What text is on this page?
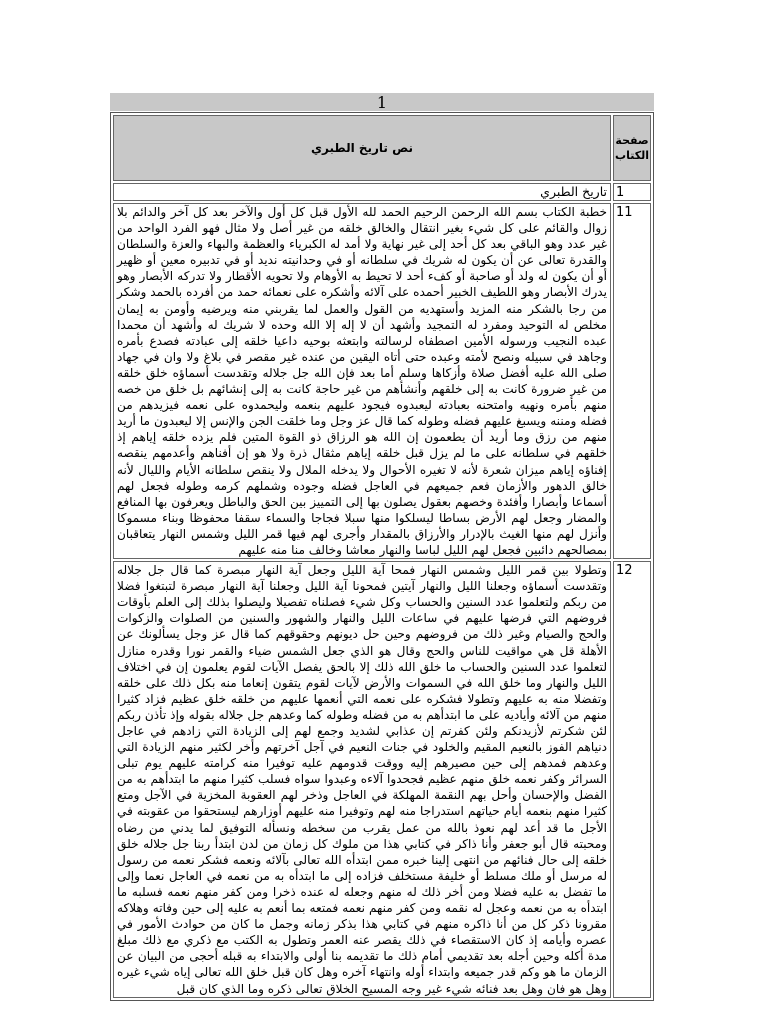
1
صفحة الكتاب	نص تاريخ الطبري
1	تاريخ الطبري
11	خطبة الكتاب بسم الله الرحمن الرحيم الحمد لله الأول قبل كل أول والآخر بعد كل آخر والدائم بلا زوال والقائم على كل شيء بغير انتقال والخالق خلقه من غير أصل ولا مثال فهو الفرد الواحد من غير عدد وهو الباقي بعد كل أحد إلى غير نهاية ولا أمد له الكبرياء والعظمة والبهاء والعزة والسلطان والقدرة تعالى عن أن يكون له شريك في سلطانه أو في وحدانيته نديد أو في تدبيره معين أو ظهير أو أن يكون له ولد أو صاحبة أو كفء أحد لا تحيط به الأوهام ولا تحويه الأقطار ولا تدركه الأبصار وهو يدرك الأبصار وهو اللطيف الخبير أحمده على آلائه وأشكره على نعمائه حمد من أفرده بالحمد وشكر من رجا بالشكر منه المزيد وأستهديه من القول والعمل لما يقربني منه ويرضيه وأومن به إيمان مخلص له التوحيد ومفرد له التمجيد وأشهد أن لا إله إلا الله وحده لا شريك له وأشهد أن محمدا عبده النجيب ورسوله الأمين اصطفاه لرسالته وابتعثه بوحيه داعيا خلقه إلى عبادته فصدع بأمره وجاهد في سبيله ونصح لأمته وعبده حتى أتاه اليقين من عنده غير مقصر في بلاغ ولا وان في جهاد صلى الله عليه أفضل صلاة وأزكاها وسلم أما بعد فإن الله جل جلاله وتقدست أسماؤه خلق خلقه من غير ضرورة كانت به إلى خلقهم وأنشأهم من غير حاجة كانت به إلى إنشائهم بل خلق من خصه منهم بأمره ونهيه وامتحنه بعبادته ليعبدوه فيجود عليهم بنعمه وليحمدوه على نعمه فيزيدهم من فضله ومننه ويسبغ عليهم فضله وطوله كما قال عز وجل وما خلقت الجن والإنس إلا ليعبدون ما أريد منهم من رزق وما أريد أن يطعمون إن الله هو الرزاق ذو القوة المتين فلم يزده خلقه إياهم إذ خلقهم في سلطانه على ما لم يزل قبل خلقه إياهم مثقال ذرة ولا هو إن أفناهم وأعدمهم ينقصه إفناؤه إياهم ميزان شعرة لأنه لا تغيره الأحوال ولا يدخله الملال ولا ينقص سلطانه الأيام والليال لأنه خالق الدهور والأزمان فعم جميعهم في العاجل فضله وجوده وشملهم كرمه وطوله فجعل لهم أسماعا وأبصارا وأفئدة وخصهم بعقول يصلون بها إلى التمييز بين الحق والباطل ويعرفون بها المنافع والمضار وجعل لهم الأرض بساطا ليسلكوا منها سبلا فجاجا والسماء سقفا محفوظا وبناء مسموكا وأنزل لهم منها الغيث بالإدرار والأرزاق بالمقدار وأجرى لهم فيها قمر الليل وشمس النهار يتعاقبان بمصالحهم دائبين فجعل لهم الليل لباسا والنهار معاشا وخالف منا منه عليهم
12	وتطولا بين قمر الليل وشمس النهار فمحا آية الليل وجعل آية النهار مبصرة كما قال جل جلاله وتقدست أسماؤه وجعلنا الليل والنهار آيتين فمحونا آية الليل وجعلنا آية النهار مبصرة لتبتغوا فضلا من ربكم ولتعلموا عدد السنين والحساب وكل شيء فصلناه تفصيلا وليصلوا بذلك إلى العلم بأوقات فروضهم التي فرضها عليهم في ساعات الليل والنهار والشهور والسنين من الصلوات والزكوات والحج والصيام وغير ذلك من فروضهم وحين حل ديونهم وحقوقهم كما قال عز وجل يسألونك عن الأهلة قل هي مواقيت للناس والحج وقال هو الذي جعل الشمس ضياء والقمر نورا وقدره منازل لتعلموا عدد السنين والحساب ما خلق الله ذلك إلا بالحق يفصل الآيات لقوم يعلمون إن في اختلاف الليل والنهار وما خلق الله في السموات والأرض لآيات لقوم يتقون إنعاما منه بكل ذلك على خلقه وتفضلا منه به عليهم وتطولا فشكره على نعمه التي أنعمها عليهم من خلقه خلق عظيم فزاد كثيرا منهم من آلائه وأياديه على ما ابتدأهم به من فضله وطوله كما وعدهم جل جلاله بقوله وإذ تأذن ربكم لئن شكرتم لأزيدنكم ولئن كفرتم إن عذابي لشديد وجمع لهم إلى الزيادة التي زادهم في عاجل دنياهم الفوز بالنعيم المقيم والخلود في جنات النعيم في آجل آخرتهم وأخر لكثير منهم الزيادة التي وعدهم فمدهم إلى حين مصيرهم إليه ووقت قدومهم عليه توفيرا منه كرامته عليهم يوم تبلى السرائر وكفر نعمه خلق منهم عظيم فجحدوا آلاءه وعبدوا سواه فسلب كثيرا منهم ما ابتدأهم به من الفضل والإحسان وأحل بهم النقمة المهلكة في العاجل وذخر لهم العقوبة المخزية في الآجل ومتع كثيرا منهم بنعمه أيام حياتهم استدراجا منه لهم وتوفيرا منه عليهم أوزارهم ليستحقوا من عقوبته في الأجل ما قد أعد لهم نعوذ بالله من عمل يقرب من سخطه ونسأله التوفيق لما يدني من رضاه ومحبته قال أبو جعفر وأنا ذاكر في كتابي هذا من ملوك كل زمان من لدن ابتدأ ربنا جل جلاله خلق خلقه إلى حال فنائهم من انتهى إلينا خبره ممن ابتدأه الله تعالى بآلائه ونعمه فشكر نعمه من رسول له مرسل أو ملك مسلط أو خليفة مستخلف فزاده إلى ما ابتدأه به من نعمه في العاجل نعما وإلى ما تفضل به عليه فضلا ومن أخر ذلك له منهم وجعله له عنده ذخرا ومن كفر منهم نعمه فسلبه ما ابتدأه به من نعمه وعجل له نقمه ومن كفر منهم نعمه فمتعه بما أنعم به عليه إلى حين وفاته وهلاكه مقرونا ذكر كل من أنا ذاكره منهم في كتابي هذا بذكر زمانه وجمل ما كان من حوادث الأمور في عصره وأيامه إذ كان الاستقصاء في ذلك يقصر عنه العمر وتطول به الكتب مع ذكري مع ذلك مبلغ مدة أكله وحين أجله بعد تقديمي أمام ذلك ما تقديمه بنا أولى والابتداء به قبله أحجى من البيان عن الزمان ما هو وكم قدر جميعه وابتداء أوله وانتهاء آخره وهل كان قبل خلق الله تعالى إياه شيء غيره وهل هو فان وهل بعد فنائه شيء غير وجه المسيح الخلاق تعالى ذكره وما الذي كان قبل
